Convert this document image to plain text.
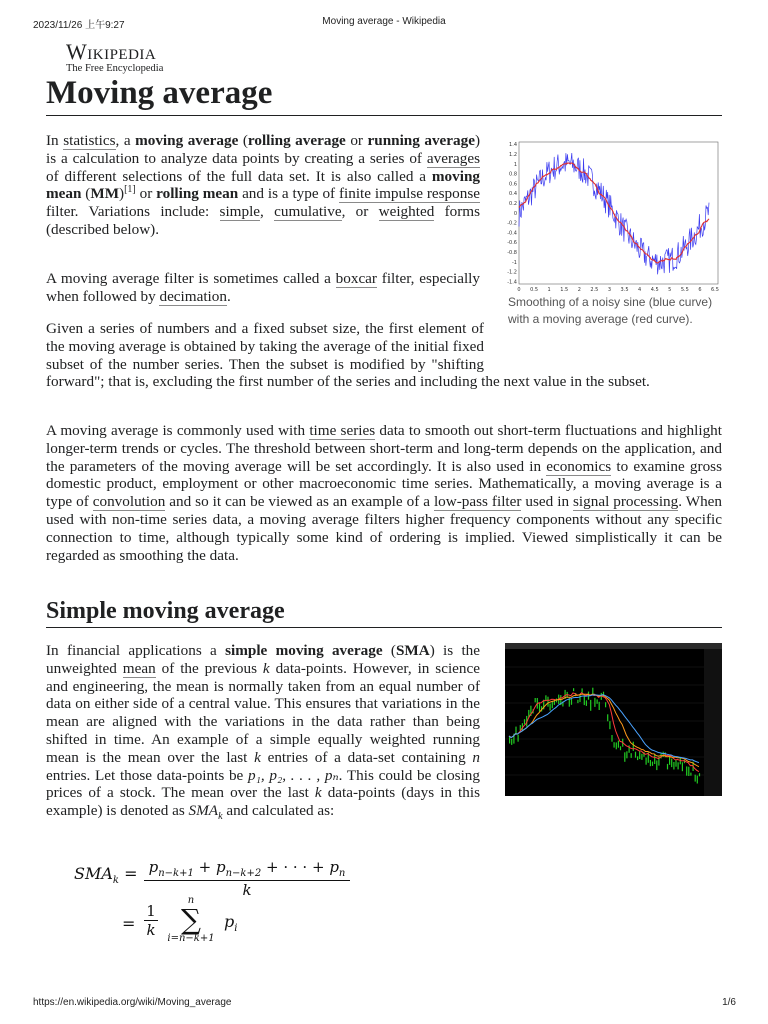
2023/11/26 上午9:27	Moving average - Wikipedia
Wikipedia
The Free Encyclopedia
Moving average

In statistics, a moving average (rolling average or running average) is a calculation to analyze data points by creating a series of averages of different selections of the full data set. It is also called a moving mean (MM)[1] or rolling mean and is a type of finite impulse response filter. Variations include: simple, cumulative, or weighted forms (described below).

A moving average filter is sometimes called a boxcar filter, especially when followed by decimation.

Given a series of numbers and a fixed subset size, the first element of the moving average is obtained by taking the average of the initial fixed subset of the number series. Then the subset is modified by "shifting forward"; that is, excluding the first number of the series and including the next value in the subset.

A moving average is commonly used with time series data to smooth out short-term fluctuations and highlight longer-term trends or cycles. The threshold between short-term and long-term depends on the application, and the parameters of the moving average will be set accordingly. It is also used in economics to examine gross domestic product, employment or other macroeconomic time series. Mathematically, a moving average is a type of convolution and so it can be viewed as an example of a low-pass filter used in signal processing. When used with non-time series data, a moving average filters higher frequency components without any specific connection to time, although typically some kind of ordering is implied. Viewed simplistically it can be regarded as smoothing the data.

1.4
1.2
1
0.8
0.6
0.4
0.2
0
-0.2
-0.4
-0.6
-0.8
-1
-1.2
-1.4
0 0.5 1 1.5 2 2.5 3 3.5 4 4.5 5 5.5 6 6.5
Smoothing of a noisy sine (blue curve) with a moving average (red curve).
Simple moving average

In financial applications a simple moving average (SMA) is the unweighted mean of the previous k data-points. However, in science and engineering, the mean is normally taken from an equal number of data on either side of a central value. This ensures that variations in the mean are aligned with the variations in the data rather than being shifted in time. An example of a simple equally weighted running mean is the mean over the last k entries of a data-set containing n entries. Let those data-points be p₁, p₂, . . . , pₙ. This could be closing prices of a stock. The mean over the last k data-points (days in this example) is denoted as $SMA_k$ and calculated as:

$SMA_k = \frac{p_{n-k+1} + p_{n-k+2} + \cdot \cdot \cdot + p_n}{k}$
=
1
k
n
∑
i=n−k+1
$p_i$
https://en.wikipedia.org/wiki/Moving_average	1/6
